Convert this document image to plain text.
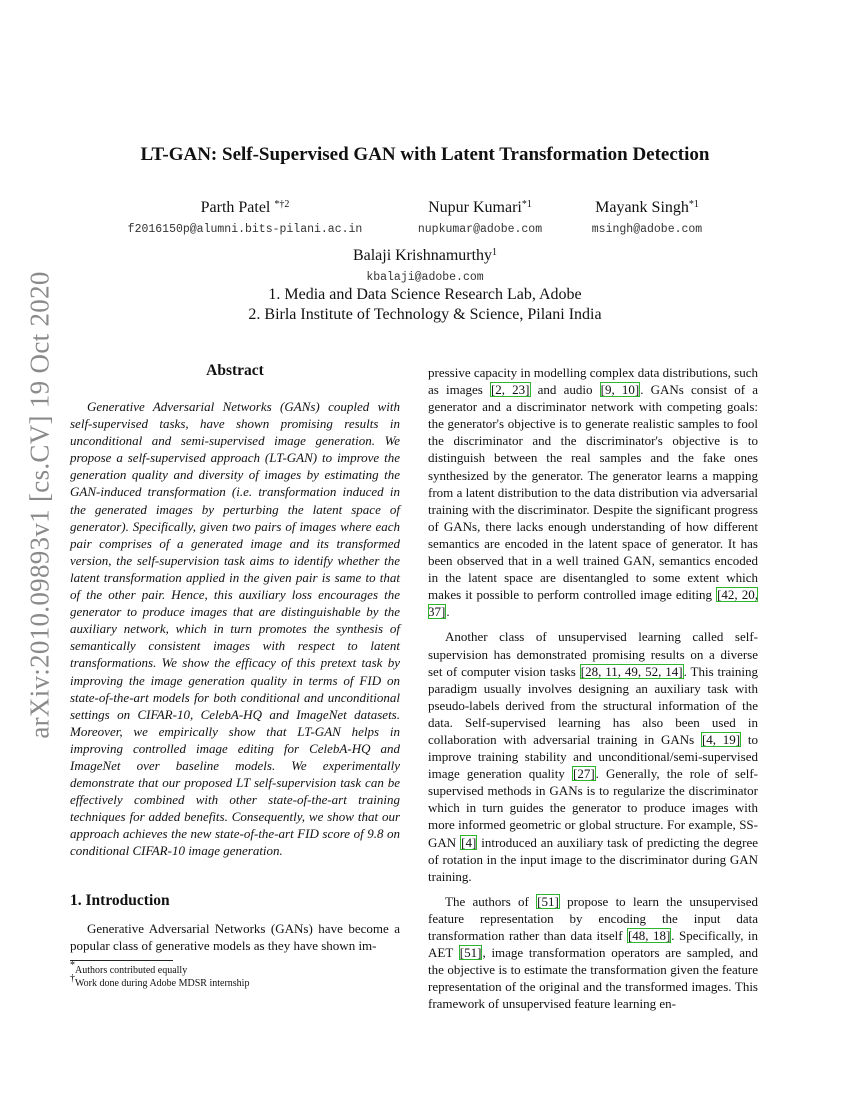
arXiv:2010.09893v1 [cs.CV] 19 Oct 2020
LT-GAN: Self-Supervised GAN with Latent Transformation Detection
Parth Patel $^{*\dagger 2}$
f2016150p@alumni.bits-pilani.ac.in
Nupur Kumari$^{*1}$
nupkumar@adobe.com
Mayank Singh$^{*1}$
msingh@adobe.com
Balaji Krishnamurthy$^1$
kbalaji@adobe.com
1. Media and Data Science Research Lab, Adobe
2. Birla Institute of Technology & Science, Pilani India
Abstract

Generative Adversarial Networks (GANs) coupled with self-supervised tasks, have shown promising results in unconditional and semi-supervised image generation. We propose a self-supervised approach (LT-GAN) to improve the generation quality and diversity of images by estimating the GAN-induced transformation (i.e. transformation induced in the generated images by perturbing the latent space of generator). Specifically, given two pairs of images where each pair comprises of a generated image and its transformed version, the self-supervision task aims to identify whether the latent transformation applied in the given pair is same to that of the other pair. Hence, this auxiliary loss encourages the generator to produce images that are distinguishable by the auxiliary network, which in turn promotes the synthesis of semantically consistent images with respect to latent transformations. We show the efficacy of this pretext task by improving the image generation quality in terms of FID on state-of-the-art models for both conditional and unconditional settings on CIFAR-10, CelebA-HQ and ImageNet datasets. Moreover, we empirically show that LT-GAN helps in improving controlled image editing for CelebA-HQ and ImageNet over baseline models. We experimentally demonstrate that our proposed LT self-supervision task can be effectively combined with other state-of-the-art training techniques for added benefits. Consequently, we show that our approach achieves the new state-of-the-art FID score of 9.8 on conditional CIFAR-10 image generation.

1. Introduction

Generative Adversarial Networks (GANs) have become a popular class of generative models as they have shown im-

*Authors contributed equally
†Work done during Adobe MDSR internship

pressive capacity in modelling complex data distributions, such as images [2, 23] and audio [9, 10]. GANs consist of a generator and a discriminator network with competing goals: the generator's objective is to generate realistic samples to fool the discriminator and the discriminator's objective is to distinguish between the real samples and the fake ones synthesized by the generator. The generator learns a mapping from a latent distribution to the data distribution via adversarial training with the discriminator. Despite the significant progress of GANs, there lacks enough understanding of how different semantics are encoded in the latent space of generator. It has been observed that in a well trained GAN, semantics encoded in the latent space are disentangled to some extent which makes it possible to perform controlled image editing [42, 20, 37].

Another class of unsupervised learning called self-supervision has demonstrated promising results on a diverse set of computer vision tasks [28, 11, 49, 52, 14]. This training paradigm usually involves designing an auxiliary task with pseudo-labels derived from the structural information of the data. Self-supervised learning has also been used in collaboration with adversarial training in GANs [4, 19] to improve training stability and unconditional/semi-supervised image generation quality [27]. Generally, the role of self-supervised methods in GANs is to regularize the discriminator which in turn guides the generator to produce images with more informed geometric or global structure. For example, SS-GAN [4] introduced an auxiliary task of predicting the degree of rotation in the input image to the discriminator during GAN training.

The authors of [51] propose to learn the unsupervised feature representation by encoding the input data transformation rather than data itself [48, 18]. Specifically, in AET [51], image transformation operators are sampled, and the objective is to estimate the transformation given the feature representation of the original and the transformed images. This framework of unsupervised feature learning en-
